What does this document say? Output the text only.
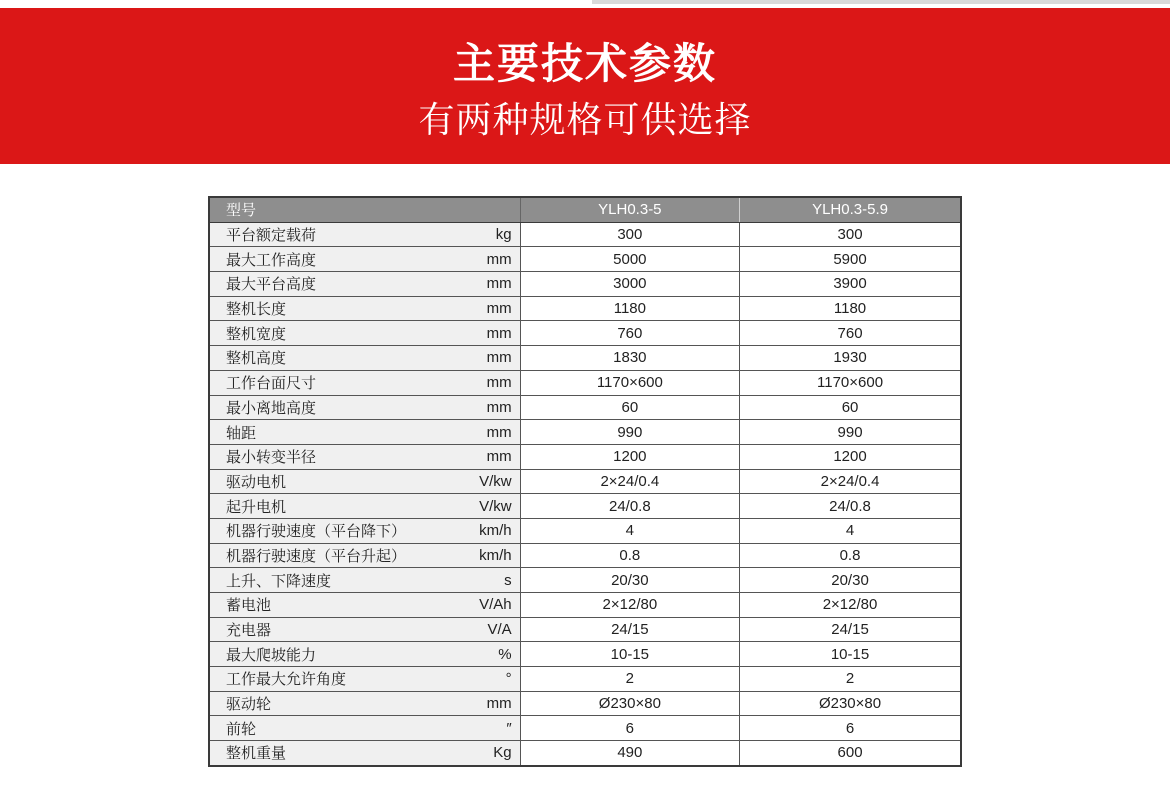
主要技术参数
有两种规格可供选择
型号		YLH0.3-5	YLH0.3-5.9
平台额定载荷	kg	300	300
最大工作高度	mm	5000	5900
最大平台高度	mm	3000	3900
整机长度	mm	1180	1180
整机宽度	mm	760	760
整机高度	mm	1830	1930
工作台面尺寸	mm	1170×600	1170×600
最小离地高度	mm	60	60
轴距	mm	990	990
最小转变半径	mm	1200	1200
驱动电机	V/kw	2×24/0.4	2×24/0.4
起升电机	V/kw	24/0.8	24/0.8
机器行驶速度（平台降下）	km/h	4	4
机器行驶速度（平台升起）	km/h	0.8	0.8
上升、下降速度	s	20/30	20/30
蓄电池	V/Ah	2×12/80	2×12/80
充电器	V/A	24/15	24/15
最大爬坡能力	%	10-15	10-15
工作最大允许角度	°	2	2
驱动轮	mm	Ø230×80	Ø230×80
前轮	″	6	6
整机重量	Kg	490	600
